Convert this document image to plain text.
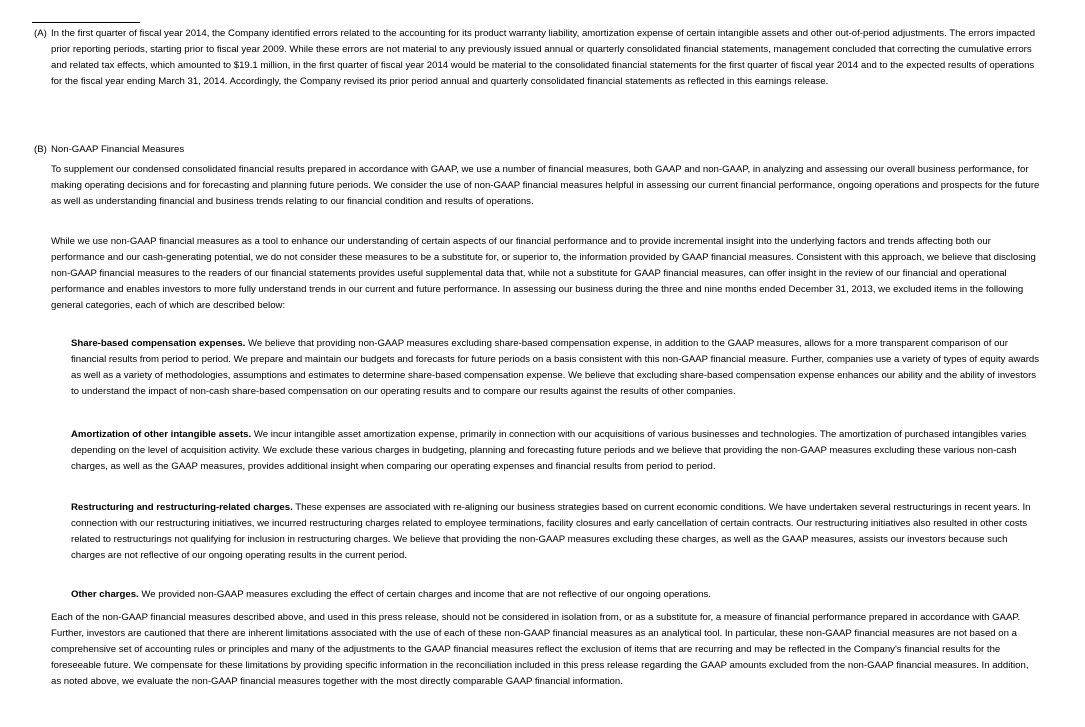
(A) In the first quarter of fiscal year 2014, the Company identified errors related to the accounting for its product warranty liability, amortization expense of certain intangible assets and other out-of-period adjustments. The errors impacted prior reporting periods, starting prior to fiscal year 2009. While these errors are not material to any previously issued annual or quarterly consolidated financial statements, management concluded that correcting the cumulative errors and related tax effects, which amounted to $19.1 million, in the first quarter of fiscal year 2014 would be material to the consolidated financial statements for the first quarter of fiscal year 2014 and to the expected results of operations for the fiscal year ending March 31, 2014. Accordingly, the Company revised its prior period annual and quarterly consolidated financial statements as reflected in this earnings release.
(B) Non-GAAP Financial Measures

To supplement our condensed consolidated financial results prepared in accordance with GAAP, we use a number of financial measures, both GAAP and non-GAAP, in analyzing and assessing our overall business performance, for making operating decisions and for forecasting and planning future periods. We consider the use of non-GAAP financial measures helpful in assessing our current financial performance, ongoing operations and prospects for the future as well as understanding financial and business trends relating to our financial condition and results of operations.

While we use non-GAAP financial measures as a tool to enhance our understanding of certain aspects of our financial performance and to provide incremental insight into the underlying factors and trends affecting both our performance and our cash-generating potential, we do not consider these measures to be a substitute for, or superior to, the information provided by GAAP financial measures. Consistent with this approach, we believe that disclosing non-GAAP financial measures to the readers of our financial statements provides useful supplemental data that, while not a substitute for GAAP financial measures, can offer insight in the review of our financial and operational performance and enables investors to more fully understand trends in our current and future performance. In assessing our business during the three and nine months ended December 31, 2013, we excluded items in the following general categories, each of which are described below:

Share-based compensation expenses. We believe that providing non-GAAP measures excluding share-based compensation expense, in addition to the GAAP measures, allows for a more transparent comparison of our financial results from period to period. We prepare and maintain our budgets and forecasts for future periods on a basis consistent with this non-GAAP financial measure. Further, companies use a variety of types of equity awards as well as a variety of methodologies, assumptions and estimates to determine share-based compensation expense. We believe that excluding share-based compensation expense enhances our ability and the ability of investors to understand the impact of non-cash share-based compensation on our operating results and to compare our results against the results of other companies.

Amortization of other intangible assets. We incur intangible asset amortization expense, primarily in connection with our acquisitions of various businesses and technologies. The amortization of purchased intangibles varies depending on the level of acquisition activity. We exclude these various charges in budgeting, planning and forecasting future periods and we believe that providing the non-GAAP measures excluding these various non-cash charges, as well as the GAAP measures, provides additional insight when comparing our operating expenses and financial results from period to period.

Restructuring and restructuring-related charges. These expenses are associated with re-aligning our business strategies based on current economic conditions. We have undertaken several restructurings in recent years. In connection with our restructuring initiatives, we incurred restructuring charges related to employee terminations, facility closures and early cancellation of certain contracts. Our restructuring initiatives also resulted in other costs related to restructurings not qualifying for inclusion in restructuring charges. We believe that providing the non-GAAP measures excluding these charges, as well as the GAAP measures, assists our investors because such charges are not reflective of our ongoing operating results in the current period.

Other charges. We provided non-GAAP measures excluding the effect of certain charges and income that are not reflective of our ongoing operations.

Each of the non-GAAP financial measures described above, and used in this press release, should not be considered in isolation from, or as a substitute for, a measure of financial performance prepared in accordance with GAAP. Further, investors are cautioned that there are inherent limitations associated with the use of each of these non-GAAP financial measures as an analytical tool. In particular, these non-GAAP financial measures are not based on a comprehensive set of accounting rules or principles and many of the adjustments to the GAAP financial measures reflect the exclusion of items that are recurring and may be reflected in the Company's financial results for the foreseeable future. We compensate for these limitations by providing specific information in the reconciliation included in this press release regarding the GAAP amounts excluded from the non-GAAP financial measures. In addition, as noted above, we evaluate the non-GAAP financial measures together with the most directly comparable GAAP financial information.
